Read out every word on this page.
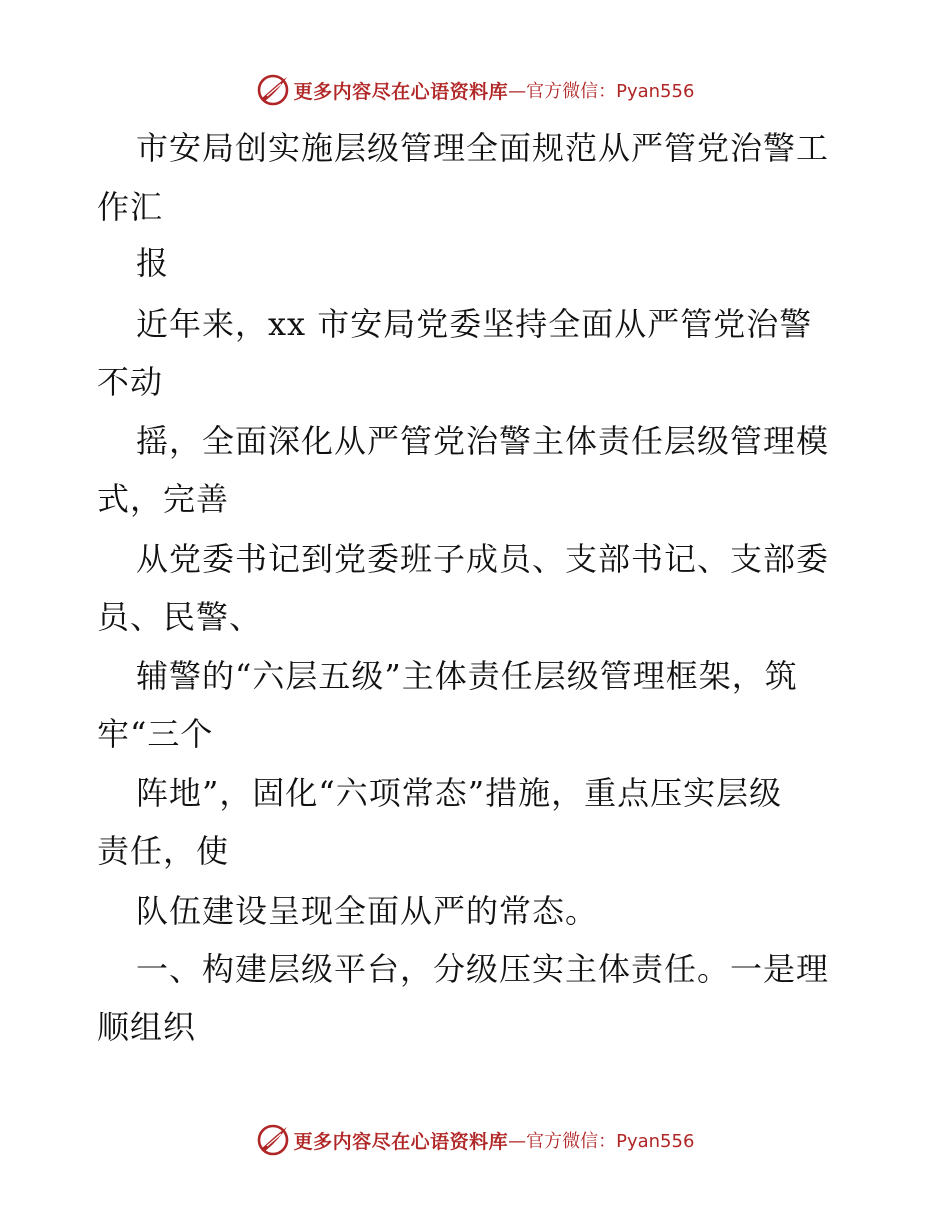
更多内容尽在心语资料库 —官方微信：Pyan556
市安局创实施层级管理全面规范从严管党治警工
作汇
报
近年来，xx 市安局党委坚持全面从严管党治警
不动
摇，全面深化从严管党治警主体责任层级管理模
式，完善
从党委书记到党委班子成员、支部书记、支部委
员、民警、
辅警的“六层五级”主体责任层级管理框架，筑
牢“三个
阵地”，固化“六项常态”措施，重点压实层级
责任，使
队伍建设呈现全面从严的常态。
一、构建层级平台，分级压实主体责任。一是理
顺组织
更多内容尽在心语资料库 —官方微信：Pyan556
